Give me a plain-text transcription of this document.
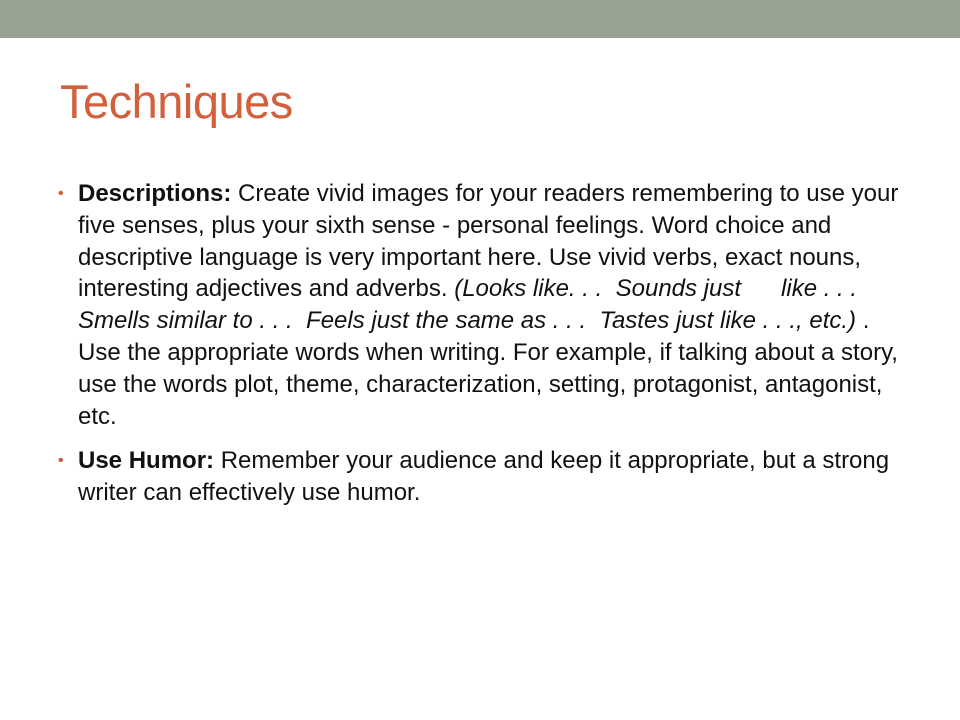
Techniques
• Descriptions: Create vivid images for your readers remembering to use your five senses, plus your sixth sense - personal feelings. Word choice and descriptive language is very important here. Use vivid verbs, exact nouns, interesting adjectives and adverbs. (Looks like. . .  Sounds just      like . . .  Smells similar to . . .  Feels just the same as . . .  Tastes just like . . ., etc.) . Use the appropriate words when writing. For example, if talking about a story, use the words plot, theme, characterization, setting, protagonist, antagonist, etc.
• Use Humor: Remember your audience and keep it appropriate, but a strong writer can effectively use humor.
